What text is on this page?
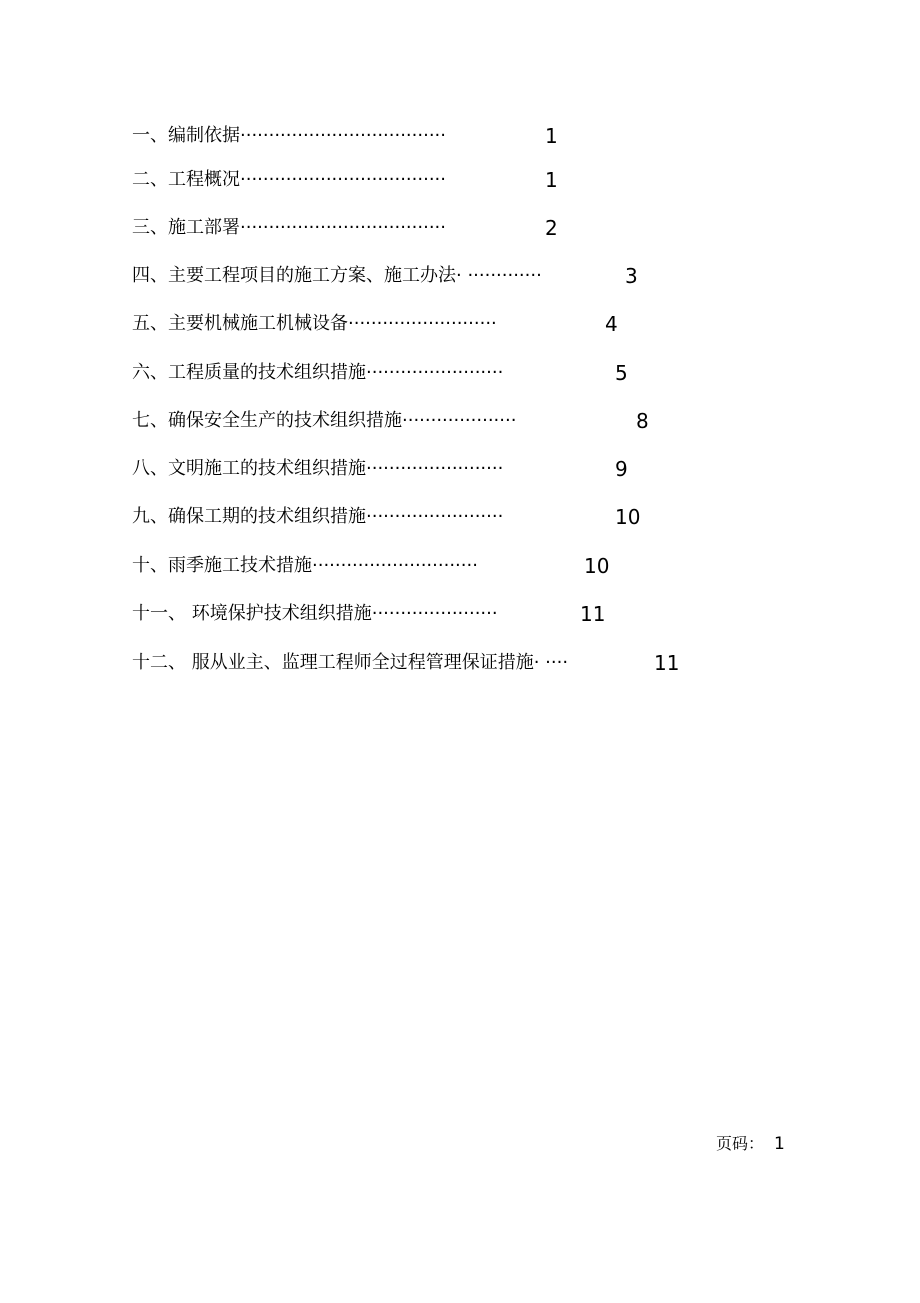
一、编制依据····································	1
二、工程概况····································	1
三、施工部署····································	2
四、主要工程项目的施工方案、施工办法· ·············	3
五、主要机械施工机械设备··························	4
六、工程质量的技术组织措施························	5
七、确保安全生产的技术组织措施····················	8
八、文明施工的技术组织措施························	9
九、确保工期的技术组织措施························	10
十、雨季施工技术措施·····························	10
十一、 环境保护技术组织措施······················	11
十二、 服从业主、监理工程师全过程管理保证措施· ····	11
页码： 1
